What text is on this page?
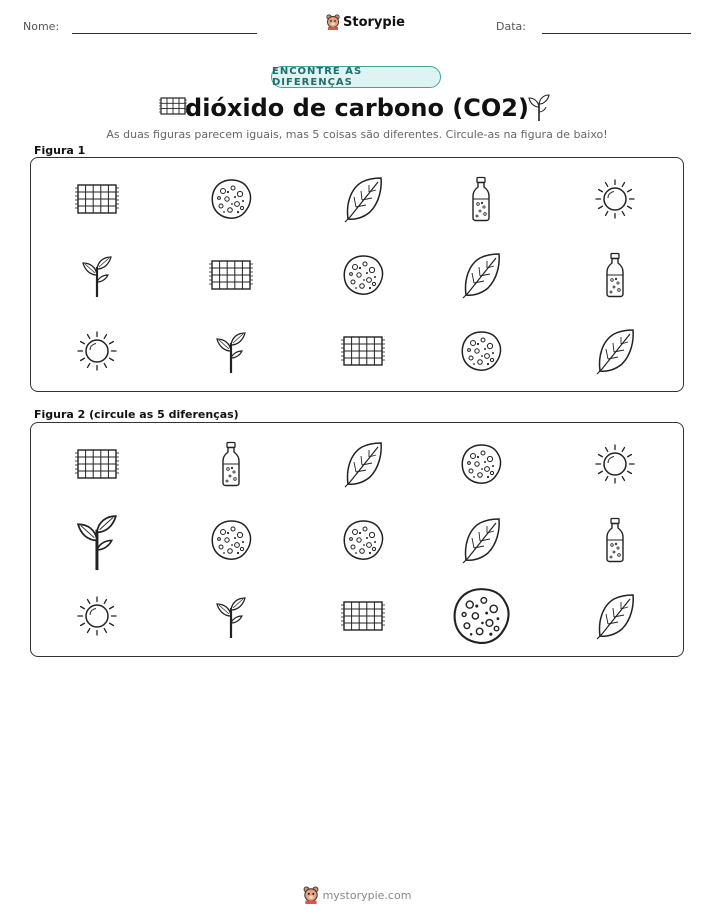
Nome:	Storypie	Data:
ENCONTRE AS DIFERENÇAS
dióxido de carbono (CO2)
As duas figuras parecem iguais, mas 5 coisas são diferentes. Circule-as na figura de baixo!
Figura 1
Figura 2 (circule as 5 diferenças)
mystorypie.com
